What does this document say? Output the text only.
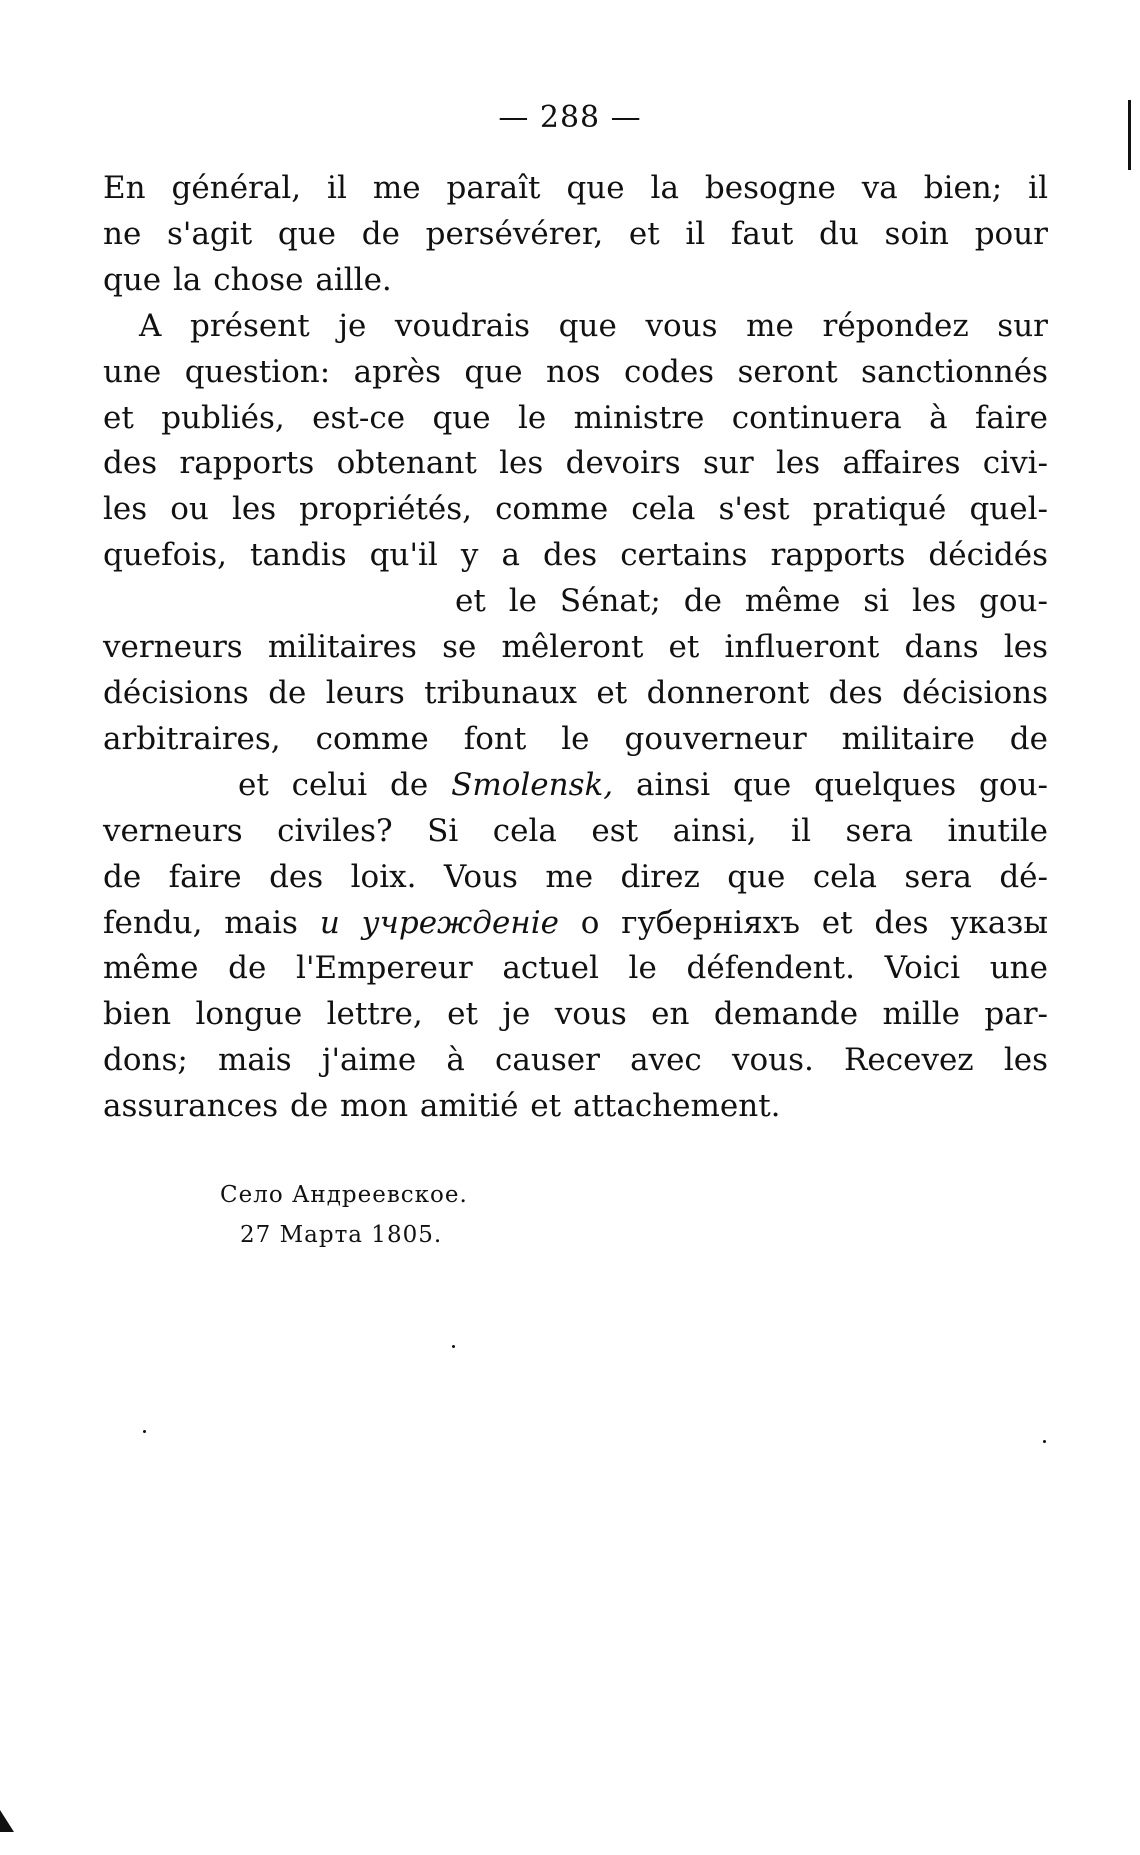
— 288 —
En général, il me paraît que la besogne va bien; il
ne s'agit que de persévérer, et il faut du soin pour
que la chose aille.
A présent je voudrais que vous me répondez sur
une question: après que nos codes seront sanctionnés
et publiés, est-ce que le ministre continuera à faire
des rapports obtenant les devoirs sur les affaires civi-
les ou les propriétés, comme cela s'est pratiqué quel-
quefois, tandis qu'il y a des certains rapports décidés
et le Sénat; de même si les gou-
verneurs militaires se mêleront et influeront dans les
décisions de leurs tribunaux et donneront des décisions
arbitraires, comme font le gouverneur militaire de
et celui de Smolensk, ainsi que quelques gou-
verneurs civiles? Si cela est ainsi, il sera inutile
de faire des loix. Vous me direz que cela sera dé-
fendu, mais и учрежденіе о губерніяхъ et des указы
même de l'Empereur actuel le défendent. Voici une
bien longue lettre, et je vous en demande mille par-
dons; mais j'aime à causer avec vous. Recevez les
assurances de mon amitié et attachement.
Село Андреевское.
27 Марта 1805.
